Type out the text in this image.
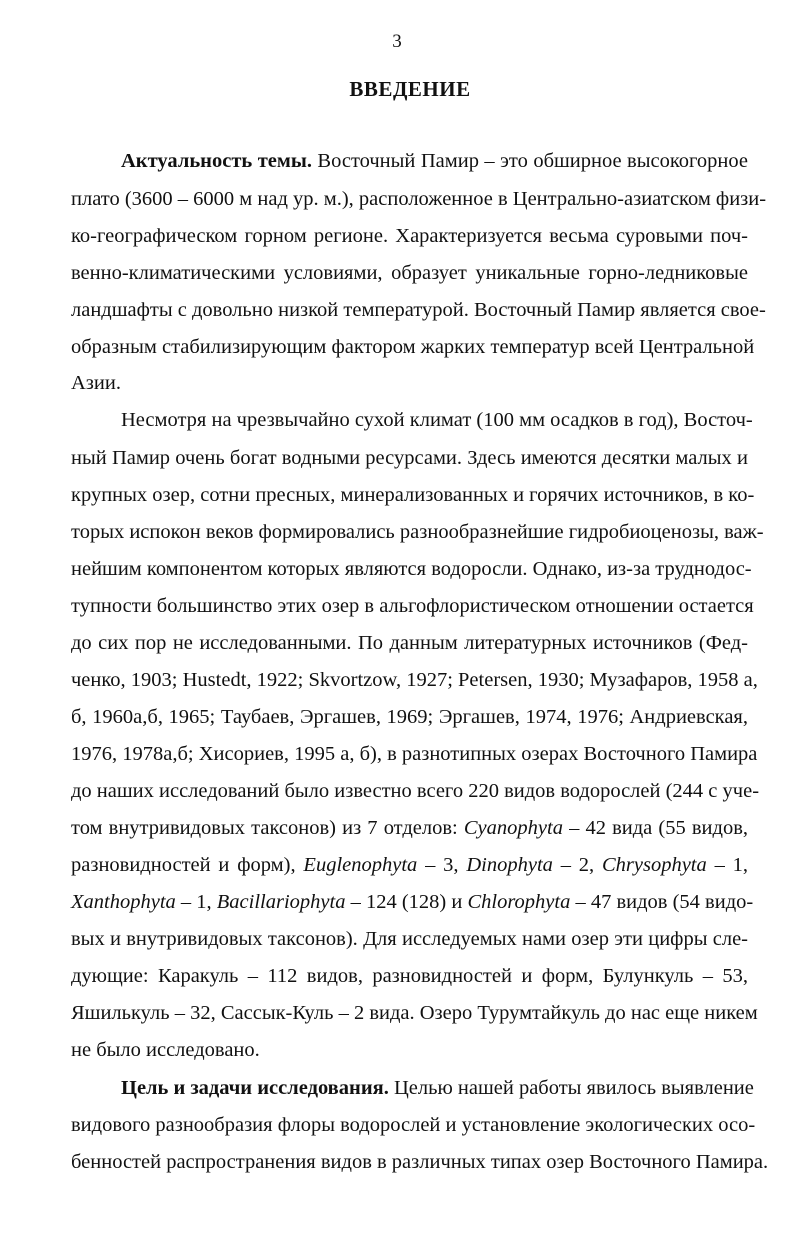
3
ВВЕДЕНИЕ
Актуальность темы. Восточный Памир – это обширное высокогорное
плато (3600 – 6000 м над ур. м.), расположенное в Центрально-азиатском физи-
ко-географическом горном регионе. Характеризуется весьма суровыми поч-
венно-климатическими условиями, образует уникальные горно-ледниковые
ландшафты с довольно низкой температурой. Восточный Памир является свое-
образным стабилизирующим фактором жарких температур всей Центральной
Азии.
Несмотря на чрезвычайно сухой климат (100 мм осадков в год), Восточ-
ный Памир очень богат водными ресурсами. Здесь имеются десятки малых и
крупных озер, сотни пресных, минерализованных и горячих источников, в ко-
торых испокон веков формировались разнообразнейшие гидробиоценозы, важ-
нейшим компонентом которых являются водоросли. Однако, из-за труднодос-
тупности большинство этих озер в альгофлористическом отношении остается
до сих пор не исследованными. По данным литературных источников (Фед-
ченко, 1903; Hustedt, 1922; Skvortzow, 1927; Petersen, 1930; Музафаров, 1958 а,
б, 1960а,б, 1965; Таубаев, Эргашев, 1969; Эргашев, 1974, 1976; Андриевская,
1976, 1978а,б; Хисориев, 1995 а, б), в разнотипных озерах Восточного Памира
до наших исследований было известно всего 220 видов водорослей (244 с уче-
том внутривидовых таксонов) из 7 отделов: Cyanophyta – 42 вида (55 видов,
разновидностей и форм), Euglenophyta – 3, Dinophyta – 2, Chrysophyta – 1,
Xanthophyta – 1, Bacillariophyta – 124 (128) и Chlorophyta – 47 видов (54 видо-
вых и внутривидовых таксонов). Для исследуемых нами озер эти цифры сле-
дующие: Каракуль – 112 видов, разновидностей и форм, Булункуль – 53,
Яшилькуль – 32, Сассык-Куль – 2 вида. Озеро Турумтайкуль до нас еще никем
не было исследовано.
Цель и задачи исследования. Целью нашей работы явилось выявление
видового разнообразия флоры водорослей и установление экологических осо-
бенностей распространения видов в различных типах озер Восточного Памира.
